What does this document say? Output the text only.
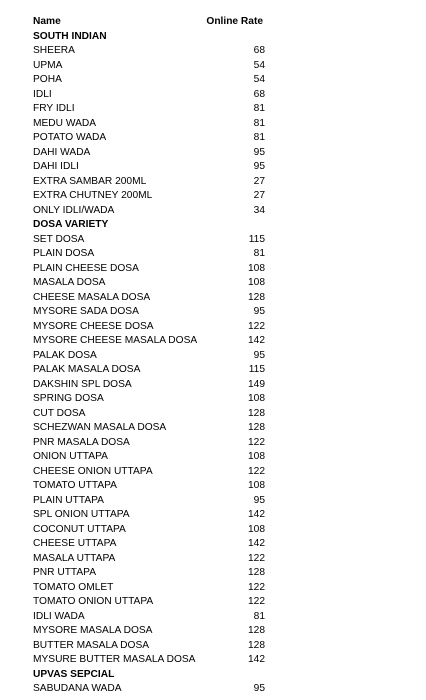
Name	Online Rate
SOUTH INDIAN
SHEERA	68
UPMA	54
POHA	54
IDLI	68
FRY IDLI	81
MEDU WADA	81
POTATO WADA	81
DAHI WADA	95
DAHI IDLI	95
EXTRA SAMBAR 200ML	27
EXTRA CHUTNEY 200ML	27
ONLY IDLI/WADA	34
DOSA VARIETY
SET DOSA	115
PLAIN DOSA	81
PLAIN CHEESE DOSA	108
MASALA DOSA	108
CHEESE MASALA DOSA	128
MYSORE SADA DOSA	95
MYSORE CHEESE DOSA	122
MYSORE CHEESE MASALA DOSA	142
PALAK DOSA	95
PALAK MASALA DOSA	115
DAKSHIN SPL DOSA	149
SPRING DOSA	108
CUT DOSA	128
SCHEZWAN MASALA DOSA	128
PNR MASALA DOSA	122
ONION UTTAPA	108
CHEESE ONION UTTAPA	122
TOMATO UTTAPA	108
PLAIN UTTAPA	95
SPL ONION UTTAPA	142
COCONUT UTTAPA	108
CHEESE UTTAPA	142
MASALA UTTAPA	122
PNR UTTAPA	128
TOMATO OMLET	122
TOMATO ONION UTTAPA	122
IDLI WADA	81
MYSORE MASALA DOSA	128
BUTTER MASALA DOSA	128
MYSURE BUTTER MASALA DOSA	142
UPVAS SEPCIAL
SABUDANA WADA	95
